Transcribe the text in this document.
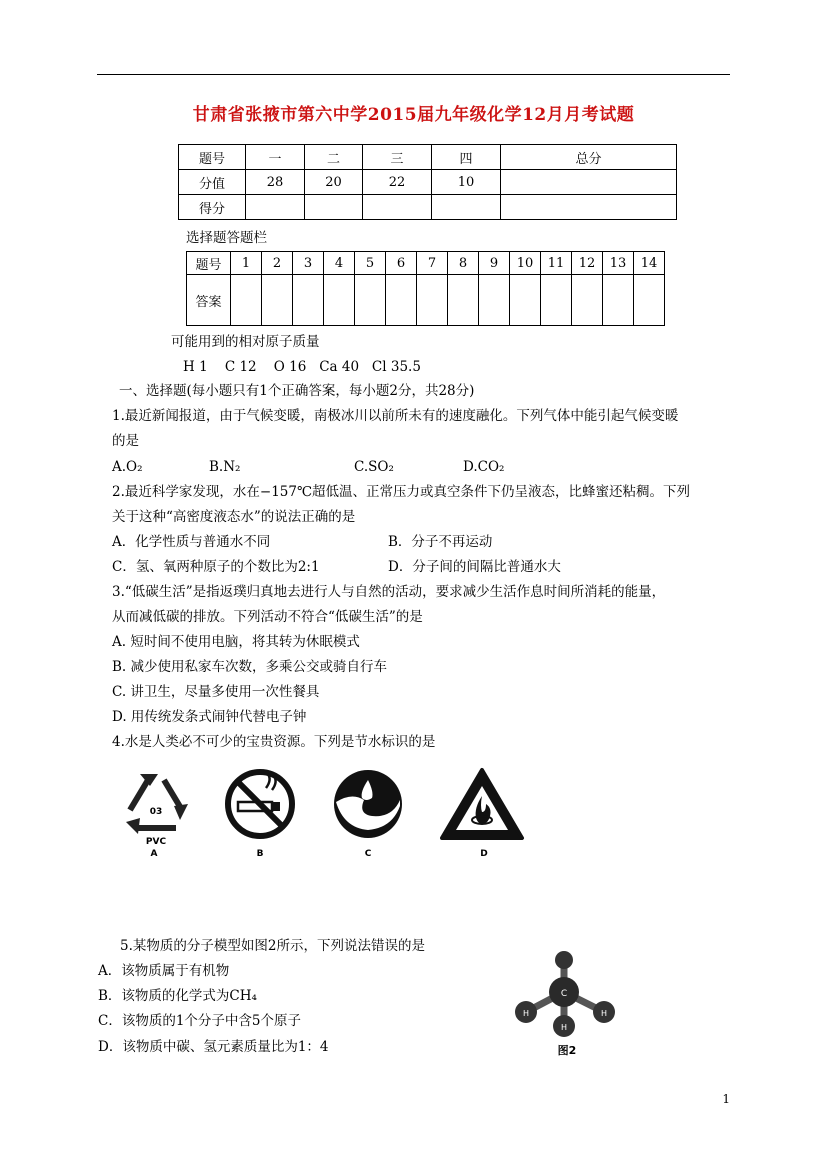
甘肃省张掖市第六中学2015届九年级化学12月月考试题
题号	一	二	三	四	总分
分值	28	20	22	10	
得分					
选择题答题栏
题号	1	2	3	4	5	6	7	8	9	10	11	12	13	14
答案														
可能用到的相对原子质量
H 1    C 12    O 16   Ca 40   Cl 35.5
一、选择题(每小题只有1个正确答案，每小题2分，共28分)
1.最近新闻报道，由于气候变暖，南极冰川以前所未有的速度融化。下列气体中能引起气候变暖
的是
A.O₂	B.N₂	C.SO₂	D.CO₂
2.最近科学家发现，水在−157℃超低温、正常压力或真空条件下仍呈液态，比蜂蜜还粘稠。下列
关于这种“高密度液态水”的说法正确的是
A．化学性质与普通水不同	B．分子不再运动
C．氢、氧两种原子的个数比为2:1	D．分子间的间隔比普通水大
3.“低碳生活”是指返璞归真地去进行人与自然的活动，要求减少生活作息时间所消耗的能量，
从而减低碳的排放。下列活动不符合“低碳生活”的是
A. 短时间不使用电脑，将其转为休眠模式
B. 减少使用私家车次数，多乘公交或骑自行车
C. 讲卫生，尽量多使用一次性餐具
D. 用传统发条式闹钟代替电子钟
4.水是人类必不可少的宝贵资源。下列是节水标识的是
03
PVC
A	B	C	D
5.某物质的分子模型如图2所示，下列说法错误的是
A．该物质属于有机物
B．该物质的化学式为CH₄
C．该物质的1个分子中含5个原子
D．该物质中碳、氢元素质量比为1：4
C
H	H
H
图2
1
